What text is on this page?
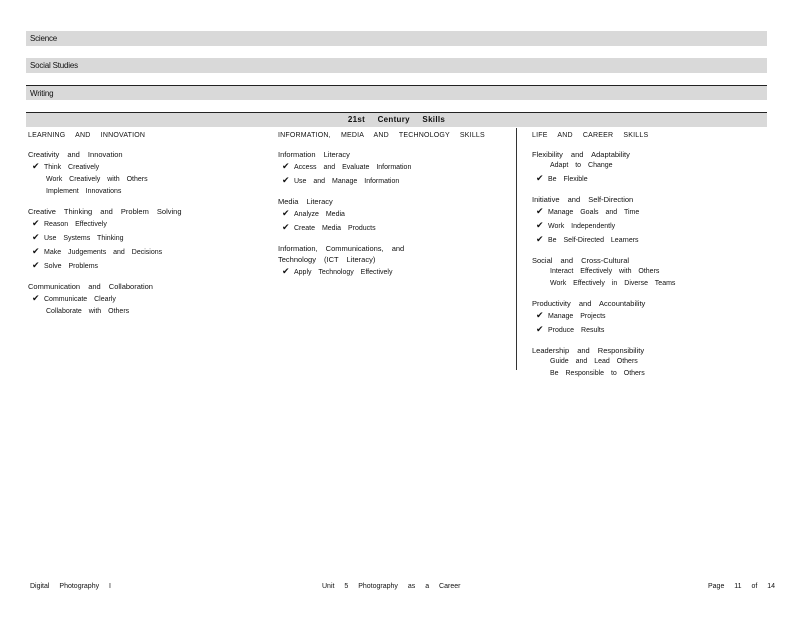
Science
Social Studies
Writing
21st Century Skills
LEARNING AND INNOVATION
Creativity and Innovation
✔ Think Creatively
Work Creatively with Others
Implement Innovations
Creative Thinking and Problem Solving
✔ Reason Effectively
✔ Use Systems Thinking
✔ Make Judgements and Decisions
✔ Solve Problems
Communication and Collaboration
✔ Communicate Clearly
Collaborate with Others
INFORMATION, MEDIA AND TECHNOLOGY SKILLS
Information Literacy
✔ Access and Evaluate Information
✔ Use and Manage Information
Media Literacy
✔ Analyze Media
✔ Create Media Products
Information, Communications, and Technology (ICT Literacy)
✔ Apply Technology Effectively
LIFE AND CAREER SKILLS
Flexibility and Adaptability
Adapt to Change
✔ Be Flexible
Initiative and Self-Direction
✔ Manage Goals and Time
✔ Work Independently
✔ Be Self-Directed Learners
Social and Cross-Cultural
Interact Effectively with Others
Work Effectively in Diverse Teams
Productivity and Accountability
✔ Manage Projects
✔ Produce Results
Leadership and Responsibility
Guide and Lead Others
Be Responsible to Others
Digital Photography I	Unit 5 Photography as a Career	Page 11 of 14
